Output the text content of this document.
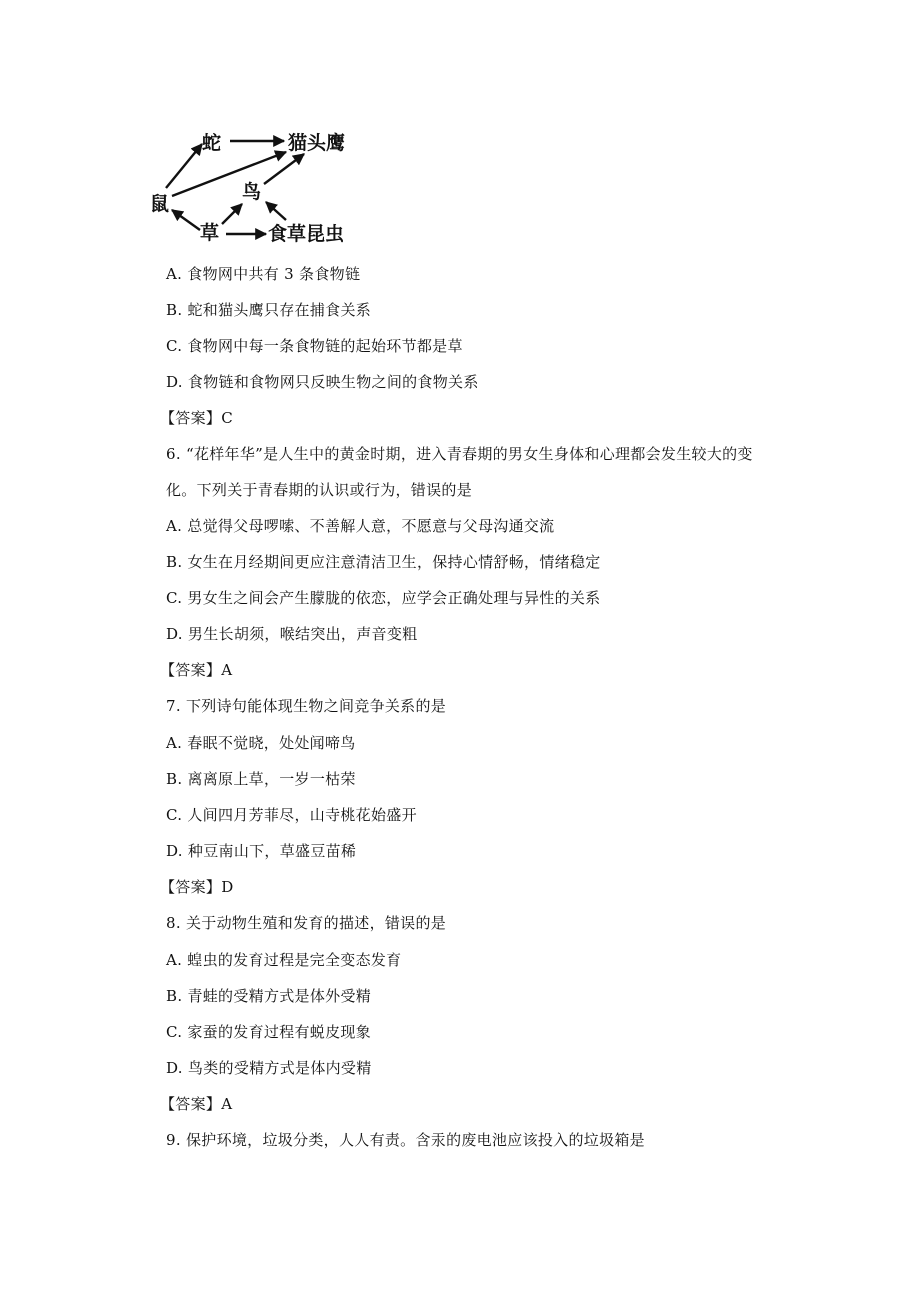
蛇	猫头鹰
鸟
鼠
草	食草昆虫
A. 食物网中共有 3 条食物链
B. 蛇和猫头鹰只存在捕食关系
C. 食物网中每一条食物链的起始环节都是草
D. 食物链和食物网只反映生物之间的食物关系
【答案】C
6. “花样年华”是人生中的黄金时期，进入青春期的男女生身体和心理都会发生较大的变
化。下列关于青春期的认识或行为，错误的是
A. 总觉得父母啰嗦、不善解人意，不愿意与父母沟通交流
B. 女生在月经期间更应注意清洁卫生，保持心情舒畅，情绪稳定
C. 男女生之间会产生朦胧的依恋，应学会正确处理与异性的关系
D. 男生长胡须，喉结突出，声音变粗
【答案】A
7. 下列诗句能体现生物之间竞争关系的是
A. 春眠不觉晓，处处闻啼鸟
B. 离离原上草，一岁一枯荣
C. 人间四月芳菲尽，山寺桃花始盛开
D. 种豆南山下，草盛豆苗稀
【答案】D
8. 关于动物生殖和发育的描述，错误的是
A. 蝗虫的发育过程是完全变态发育
B. 青蛙的受精方式是体外受精
C. 家蚕的发育过程有蜕皮现象
D. 鸟类的受精方式是体内受精
【答案】A
9. 保护环境，垃圾分类，人人有责。含汞的废电池应该投入的垃圾箱是
